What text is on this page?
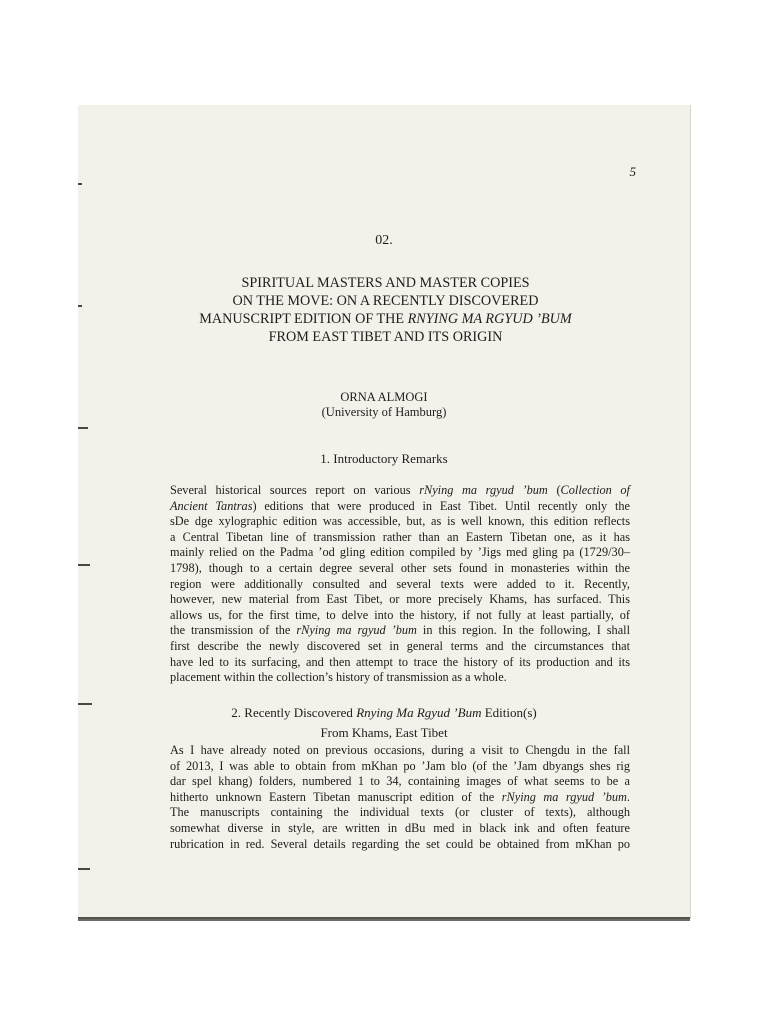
5
02.
SPIRITUAL MASTERS AND MASTER COPIES
ON THE MOVE: ON A RECENTLY DISCOVERED
MANUSCRIPT EDITION OF THE RNYING MA RGYUD ’BUM
FROM EAST TIBET AND ITS ORIGIN
ORNA ALMOGI
(University of Hamburg)
1. Introductory Remarks
Several historical sources report on various rNying ma rgyud ’bum (Collection of
Ancient Tantras) editions that were produced in East Tibet. Until recently only the
sDe dge xylographic edition was accessible, but, as is well known, this edition reflects
a Central Tibetan line of transmission rather than an Eastern Tibetan one, as it has
mainly relied on the Padma ’od gling edition compiled by ’Jigs med gling pa (1729/30–
1798), though to a certain degree several other sets found in monasteries within the
region were additionally consulted and several texts were added to it. Recently,
however, new material from East Tibet, or more precisely Khams, has surfaced. This
allows us, for the first time, to delve into the history, if not fully at least partially, of
the transmission of the rNying ma rgyud ’bum in this region. In the following, I shall
first describe the newly discovered set in general terms and the circumstances that
have led to its surfacing, and then attempt to trace the history of its production and its
placement within the collection’s history of transmission as a whole.
2. Recently Discovered Rnying Ma Rgyud ’Bum Edition(s)
From Khams, East Tibet
As I have already noted on previous occasions, during a visit to Chengdu in the fall
of 2013, I was able to obtain from mKhan po ’Jam blo (of the ’Jam dbyangs shes rig
dar spel khang) folders, numbered 1 to 34, containing images of what seems to be a
hitherto unknown Eastern Tibetan manuscript edition of the rNying ma rgyud ’bum.
The manuscripts containing the individual texts (or cluster of texts), although
somewhat diverse in style, are written in dBu med in black ink and often feature
rubrication in red. Several details regarding the set could be obtained from mKhan po
